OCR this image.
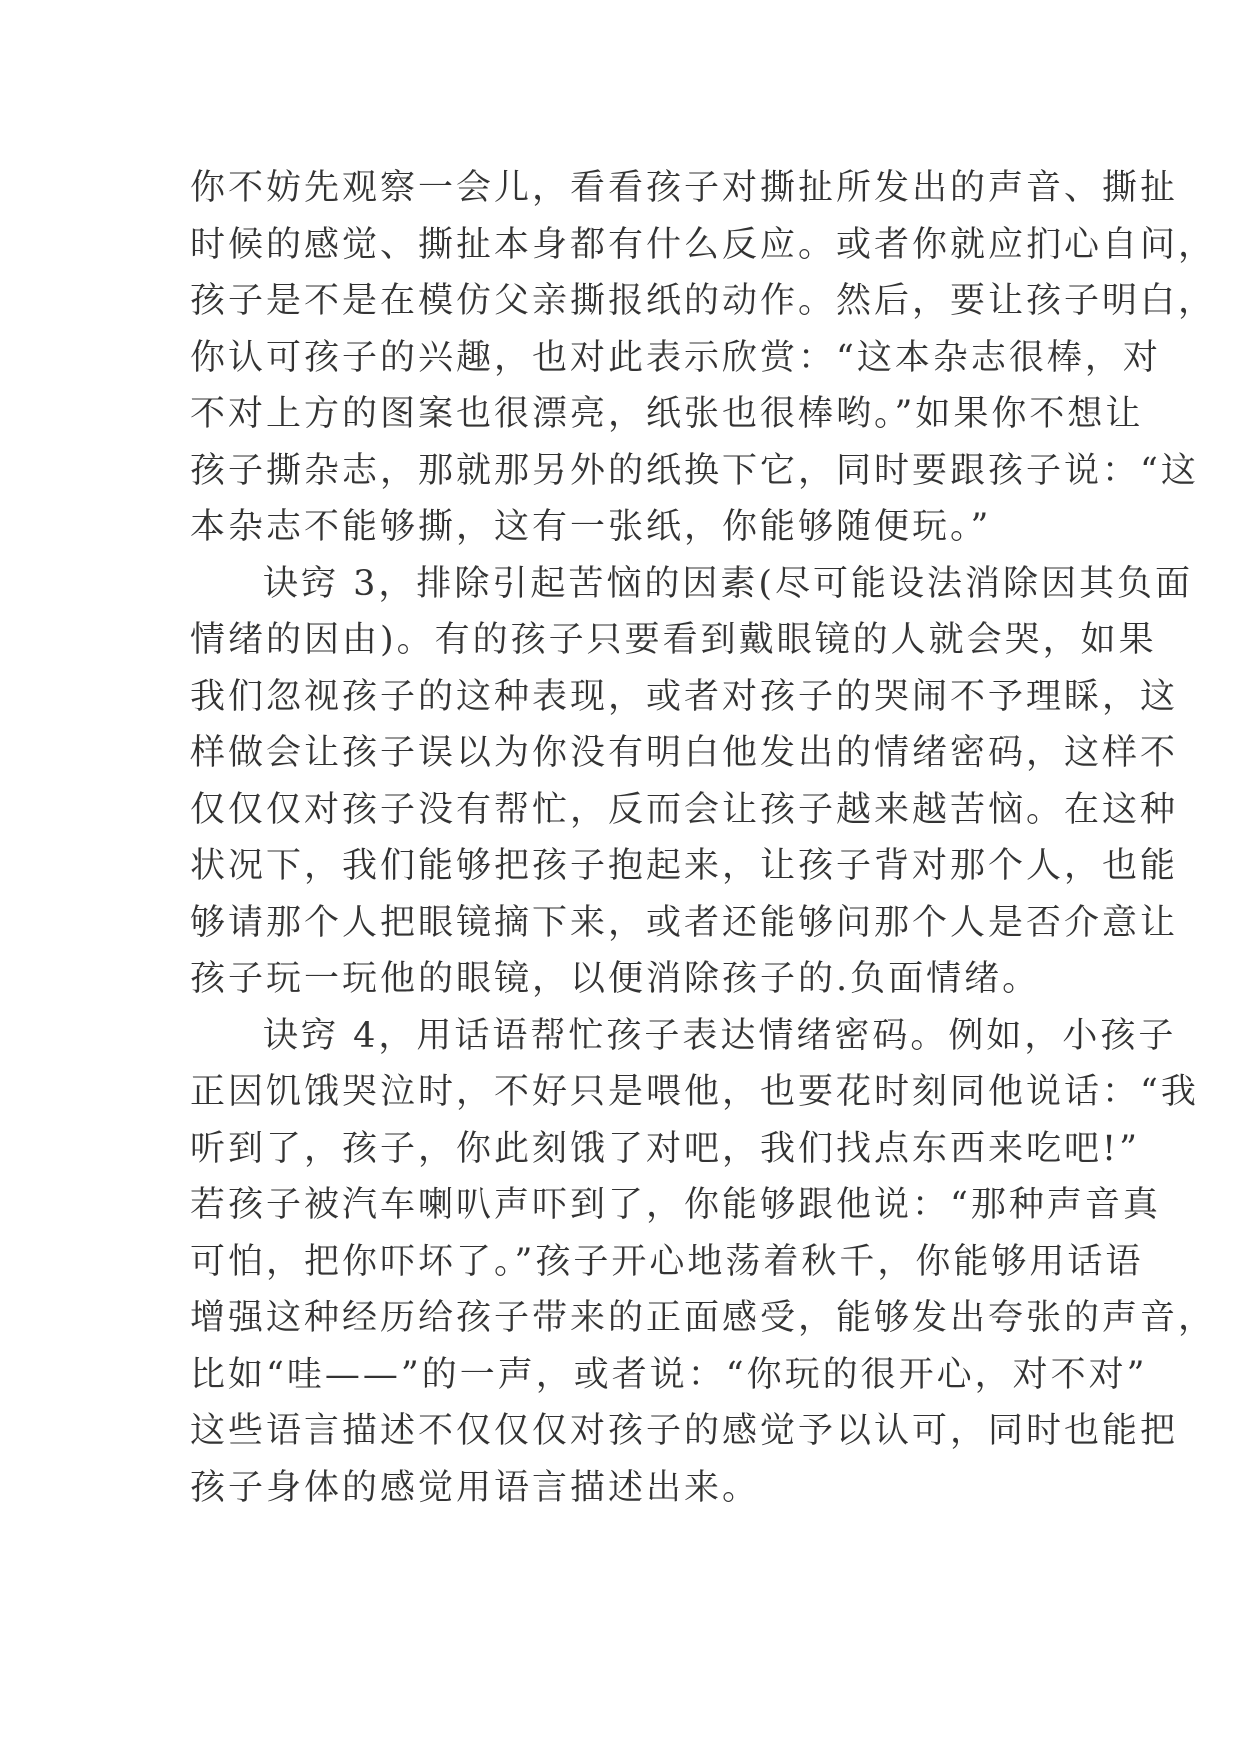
你不妨先观察一会儿，看看孩子对撕扯所发出的声音、撕扯
时候的感觉、撕扯本身都有什么反应。或者你就应扪心自问，
孩子是不是在模仿父亲撕报纸的动作。然后，要让孩子明白，
你认可孩子的兴趣，也对此表示欣赏：“这本杂志很棒，对
不对上方的图案也很漂亮，纸张也很棒哟。”如果你不想让
孩子撕杂志，那就那另外的纸换下它，同时要跟孩子说：“这
本杂志不能够撕，这有一张纸，你能够随便玩。”
诀窍 3，排除引起苦恼的因素(尽可能设法消除因其负面
情绪的因由)。有的孩子只要看到戴眼镜的人就会哭，如果
我们忽视孩子的这种表现，或者对孩子的哭闹不予理睬，这
样做会让孩子误以为你没有明白他发出的情绪密码，这样不
仅仅仅对孩子没有帮忙，反而会让孩子越来越苦恼。在这种
状况下，我们能够把孩子抱起来，让孩子背对那个人，也能
够请那个人把眼镜摘下来，或者还能够问那个人是否介意让
孩子玩一玩他的眼镜，以便消除孩子的.负面情绪。
诀窍 4，用话语帮忙孩子表达情绪密码。例如，小孩子
正因饥饿哭泣时，不好只是喂他，也要花时刻同他说话：“我
听到了，孩子，你此刻饿了对吧，我们找点东西来吃吧!”
若孩子被汽车喇叭声吓到了，你能够跟他说：“那种声音真
可怕，把你吓坏了。”孩子开心地荡着秋千，你能够用话语
增强这种经历给孩子带来的正面感受，能够发出夸张的声音，
比如“哇——”的一声，或者说：“你玩的很开心，对不对”
这些语言描述不仅仅仅对孩子的感觉予以认可，同时也能把
孩子身体的感觉用语言描述出来。
